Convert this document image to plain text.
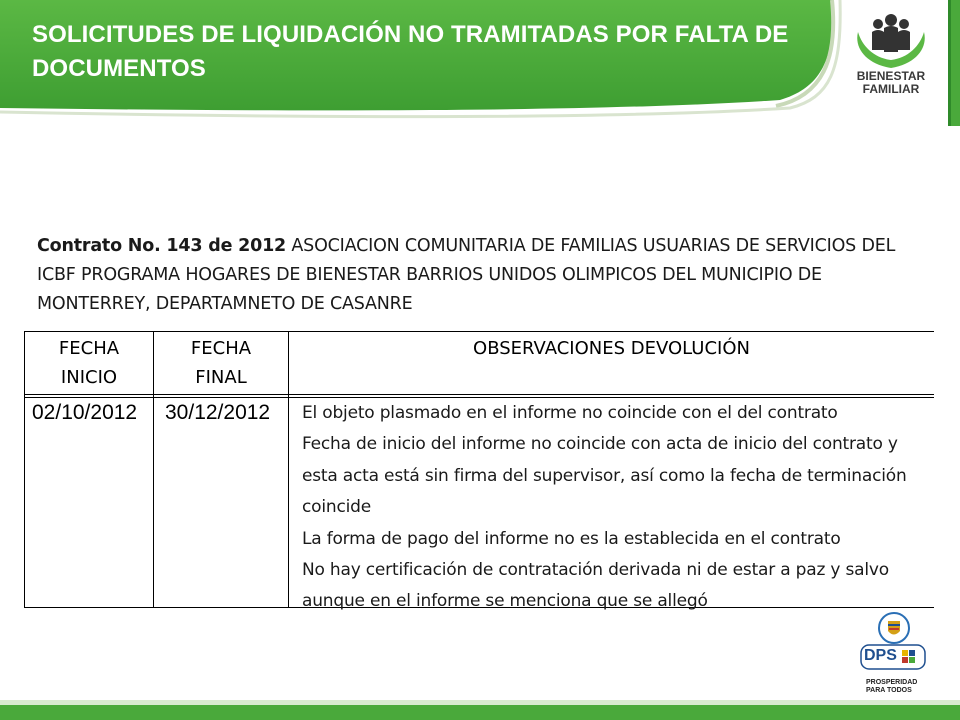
SOLICITUDES DE LIQUIDACIÓN NO TRAMITADAS POR FALTA DE DOCUMENTOS	BIENESTAR
FAMILIAR

Contrato No. 143 de 2012 ASOCIACION COMUNITARIA DE FAMILIAS USUARIAS DE SERVICIOS DEL ICBF PROGRAMA HOGARES DE BIENESTAR BARRIOS UNIDOS OLIMPICOS DEL MUNICIPIO DE MONTERREY, DEPARTAMNETO DE CASANRE

FECHA
INICIO
FECHA
FINAL
OBSERVACIONES DEVOLUCIÓN
02/10/2012 30/12/2012 El objeto plasmado en el informe no coincide con el del contrato
Fecha de inicio del informe no coincide con acta de inicio del contrato y esta acta está sin firma del supervisor, así como la fecha de terminación coincide
La forma de pago del informe no es la establecida en el contrato
No hay certificación de contratación derivada ni de estar a paz y salvo aunque en el informe se menciona que se allegó
DPS
PROSPERIDAD
PARA TODOS
